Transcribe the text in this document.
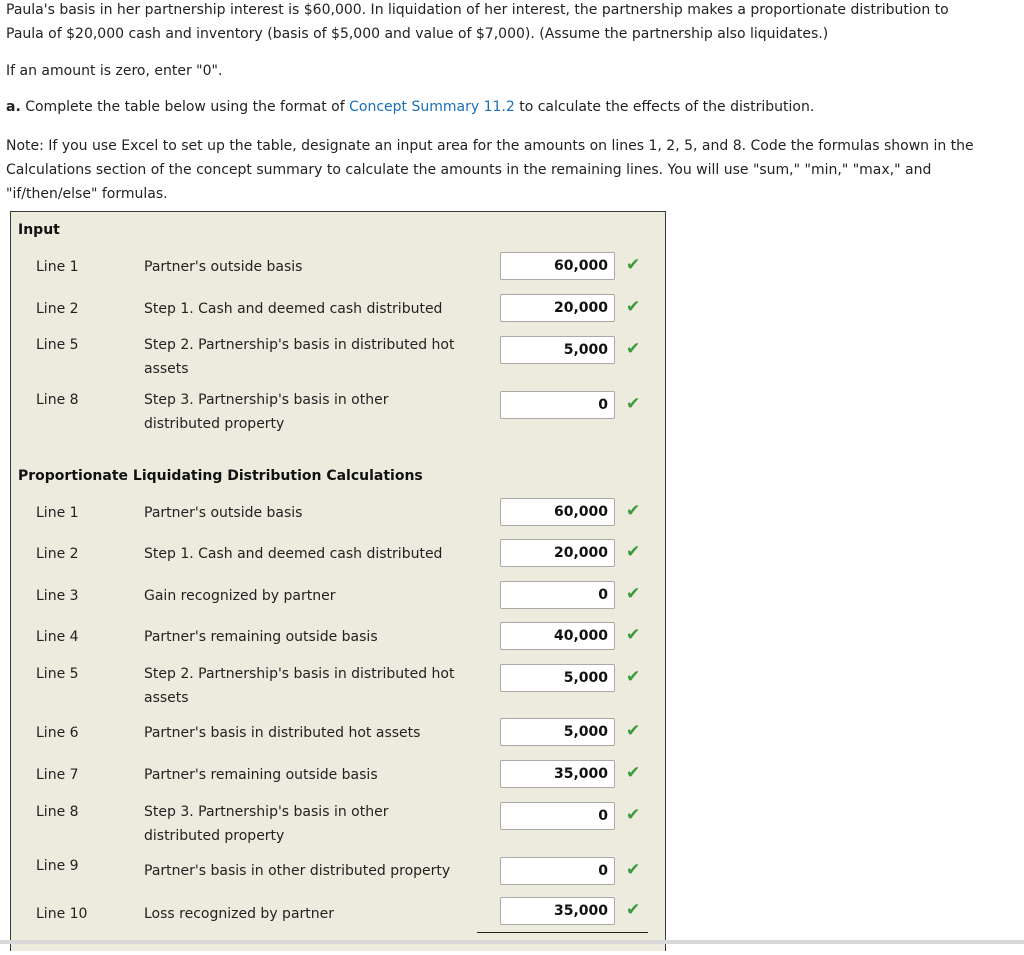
Paula's basis in her partnership interest is $60,000. In liquidation of her interest, the partnership makes a proportionate distribution to

Paula of $20,000 cash and inventory (basis of $5,000 and value of $7,000). (Assume the partnership also liquidates.)

If an amount is zero, enter "0".

a. Complete the table below using the format of Concept Summary 11.2 to calculate the effects of the distribution.

Note: If you use Excel to set up the table, designate an input area for the amounts on lines 1, 2, 5, and 8. Code the formulas shown in the

Calculations section of the concept summary to calculate the amounts in the remaining lines. You will use "sum," "min," "max," and

"if/then/else" formulas.

Input
Line 1	Partner's outside basis	60,000	✔
Line 2	Step 1. Cash and deemed cash distributed	20,000	✔
Line 5	Step 2. Partnership's basis in distributed hot
assets
5,000	✔
Line 8	Step 3. Partnership's basis in other
distributed property
0	✔
Proportionate Liquidating Distribution Calculations
Line 1	Partner's outside basis	60,000	✔
Line 2	Step 1. Cash and deemed cash distributed	20,000	✔
Line 3	Gain recognized by partner	0	✔
Line 4	Partner's remaining outside basis	40,000	✔
Line 5	Step 2. Partnership's basis in distributed hot
assets
5,000	✔
Line 6	Partner's basis in distributed hot assets	5,000	✔
Line 7	Partner's remaining outside basis	35,000	✔
Line 8	Step 3. Partnership's basis in other
distributed property
0	✔
Line 9	Partner's basis in other distributed property	0	✔
Line 10	Loss recognized by partner	35,000	✔
